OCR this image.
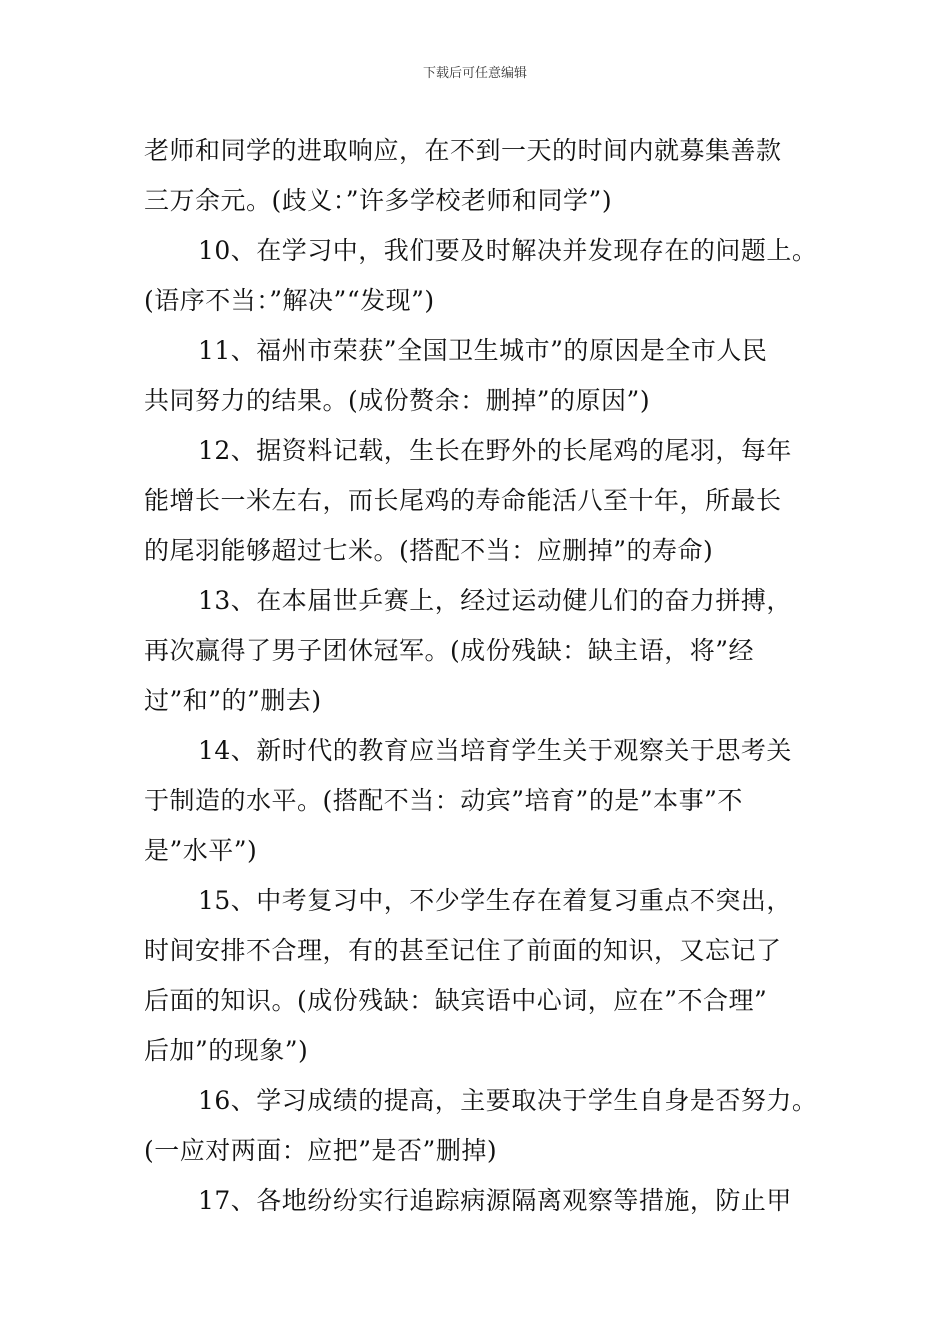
下载后可任意编辑
老师和同学的进取响应，在不到一天的时间内就募集善款
三万余元。(歧义：”许多学校老师和同学”)
10、在学习中，我们要及时解决并发现存在的问题上。
(语序不当：”解决”“发现”)
11、福州市荣获”全国卫生城市”的原因是全市人民
共同努力的结果。(成份赘余：删掉”的原因”)
12、据资料记载，生长在野外的长尾鸡的尾羽，每年
能增长一米左右，而长尾鸡的寿命能活八至十年，所最长
的尾羽能够超过七米。(搭配不当：应删掉”的寿命)
13、在本届世乒赛上，经过运动健儿们的奋力拼搏，
再次赢得了男子团休冠军。(成份残缺：缺主语，将”经
过”和”的”删去)
14、新时代的教育应当培育学生关于观察关于思考关
于制造的水平。(搭配不当：动宾”培育”的是”本事”不
是”水平”)
15、中考复习中，不少学生存在着复习重点不突出，
时间安排不合理，有的甚至记住了前面的知识，又忘记了
后面的知识。(成份残缺：缺宾语中心词，应在”不合理”
后加”的现象”)
16、学习成绩的提高，主要取决于学生自身是否努力。
(一应对两面：应把”是否”删掉)
17、各地纷纷实行追踪病源隔离观察等措施，防止甲
